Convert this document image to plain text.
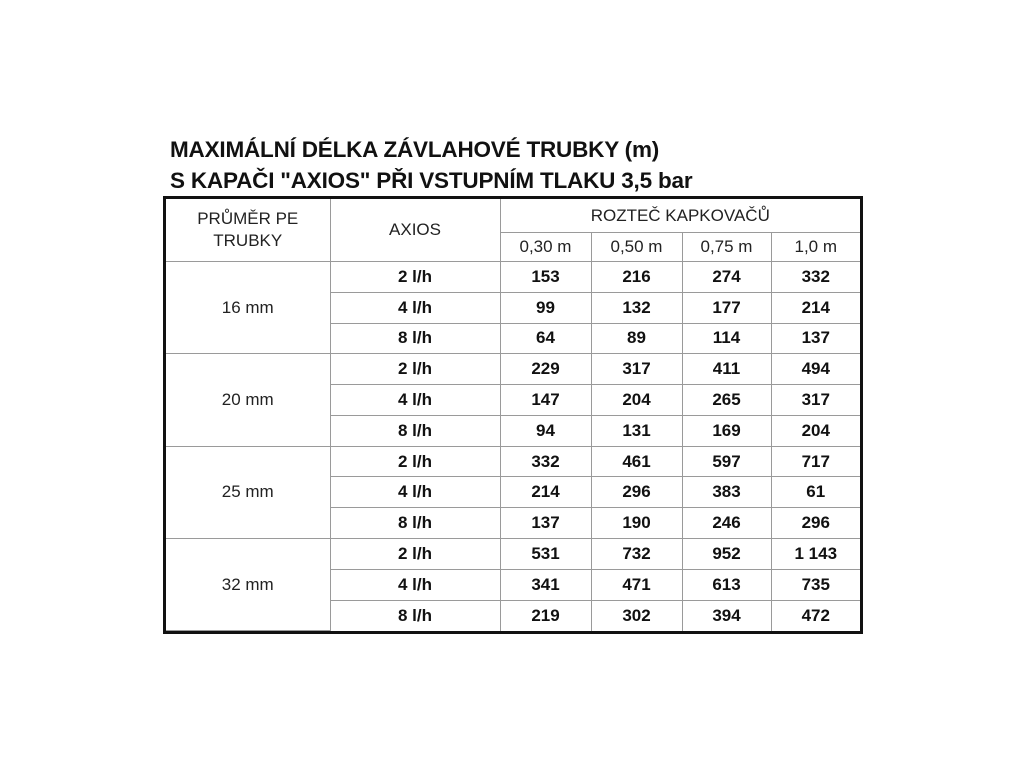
MAXIMÁLNÍ DÉLKA ZÁVLAHOVÉ TRUBKY (m)
S KAPAČI "AXIOS" PŘI VSTUPNÍM TLAKU 3,5 bar
PRŮMĚR PE TRUBKY	AXIOS	ROZTEČ KAPKOVAČŮ			
		0,30 m	0,50 m	0,75 m	1,0 m
16 mm	2 l/h	153	216	274	332
	4 l/h	99	132	177	214
	8 l/h	64	89	114	137
20 mm	2 l/h	229	317	411	494
	4 l/h	147	204	265	317
	8 l/h	94	131	169	204
25 mm	2 l/h	332	461	597	717
	4 l/h	214	296	383	61
	8 l/h	137	190	246	296
32 mm	2 l/h	531	732	952	1 143
	4 l/h	341	471	613	735
	8 l/h	219	302	394	472
